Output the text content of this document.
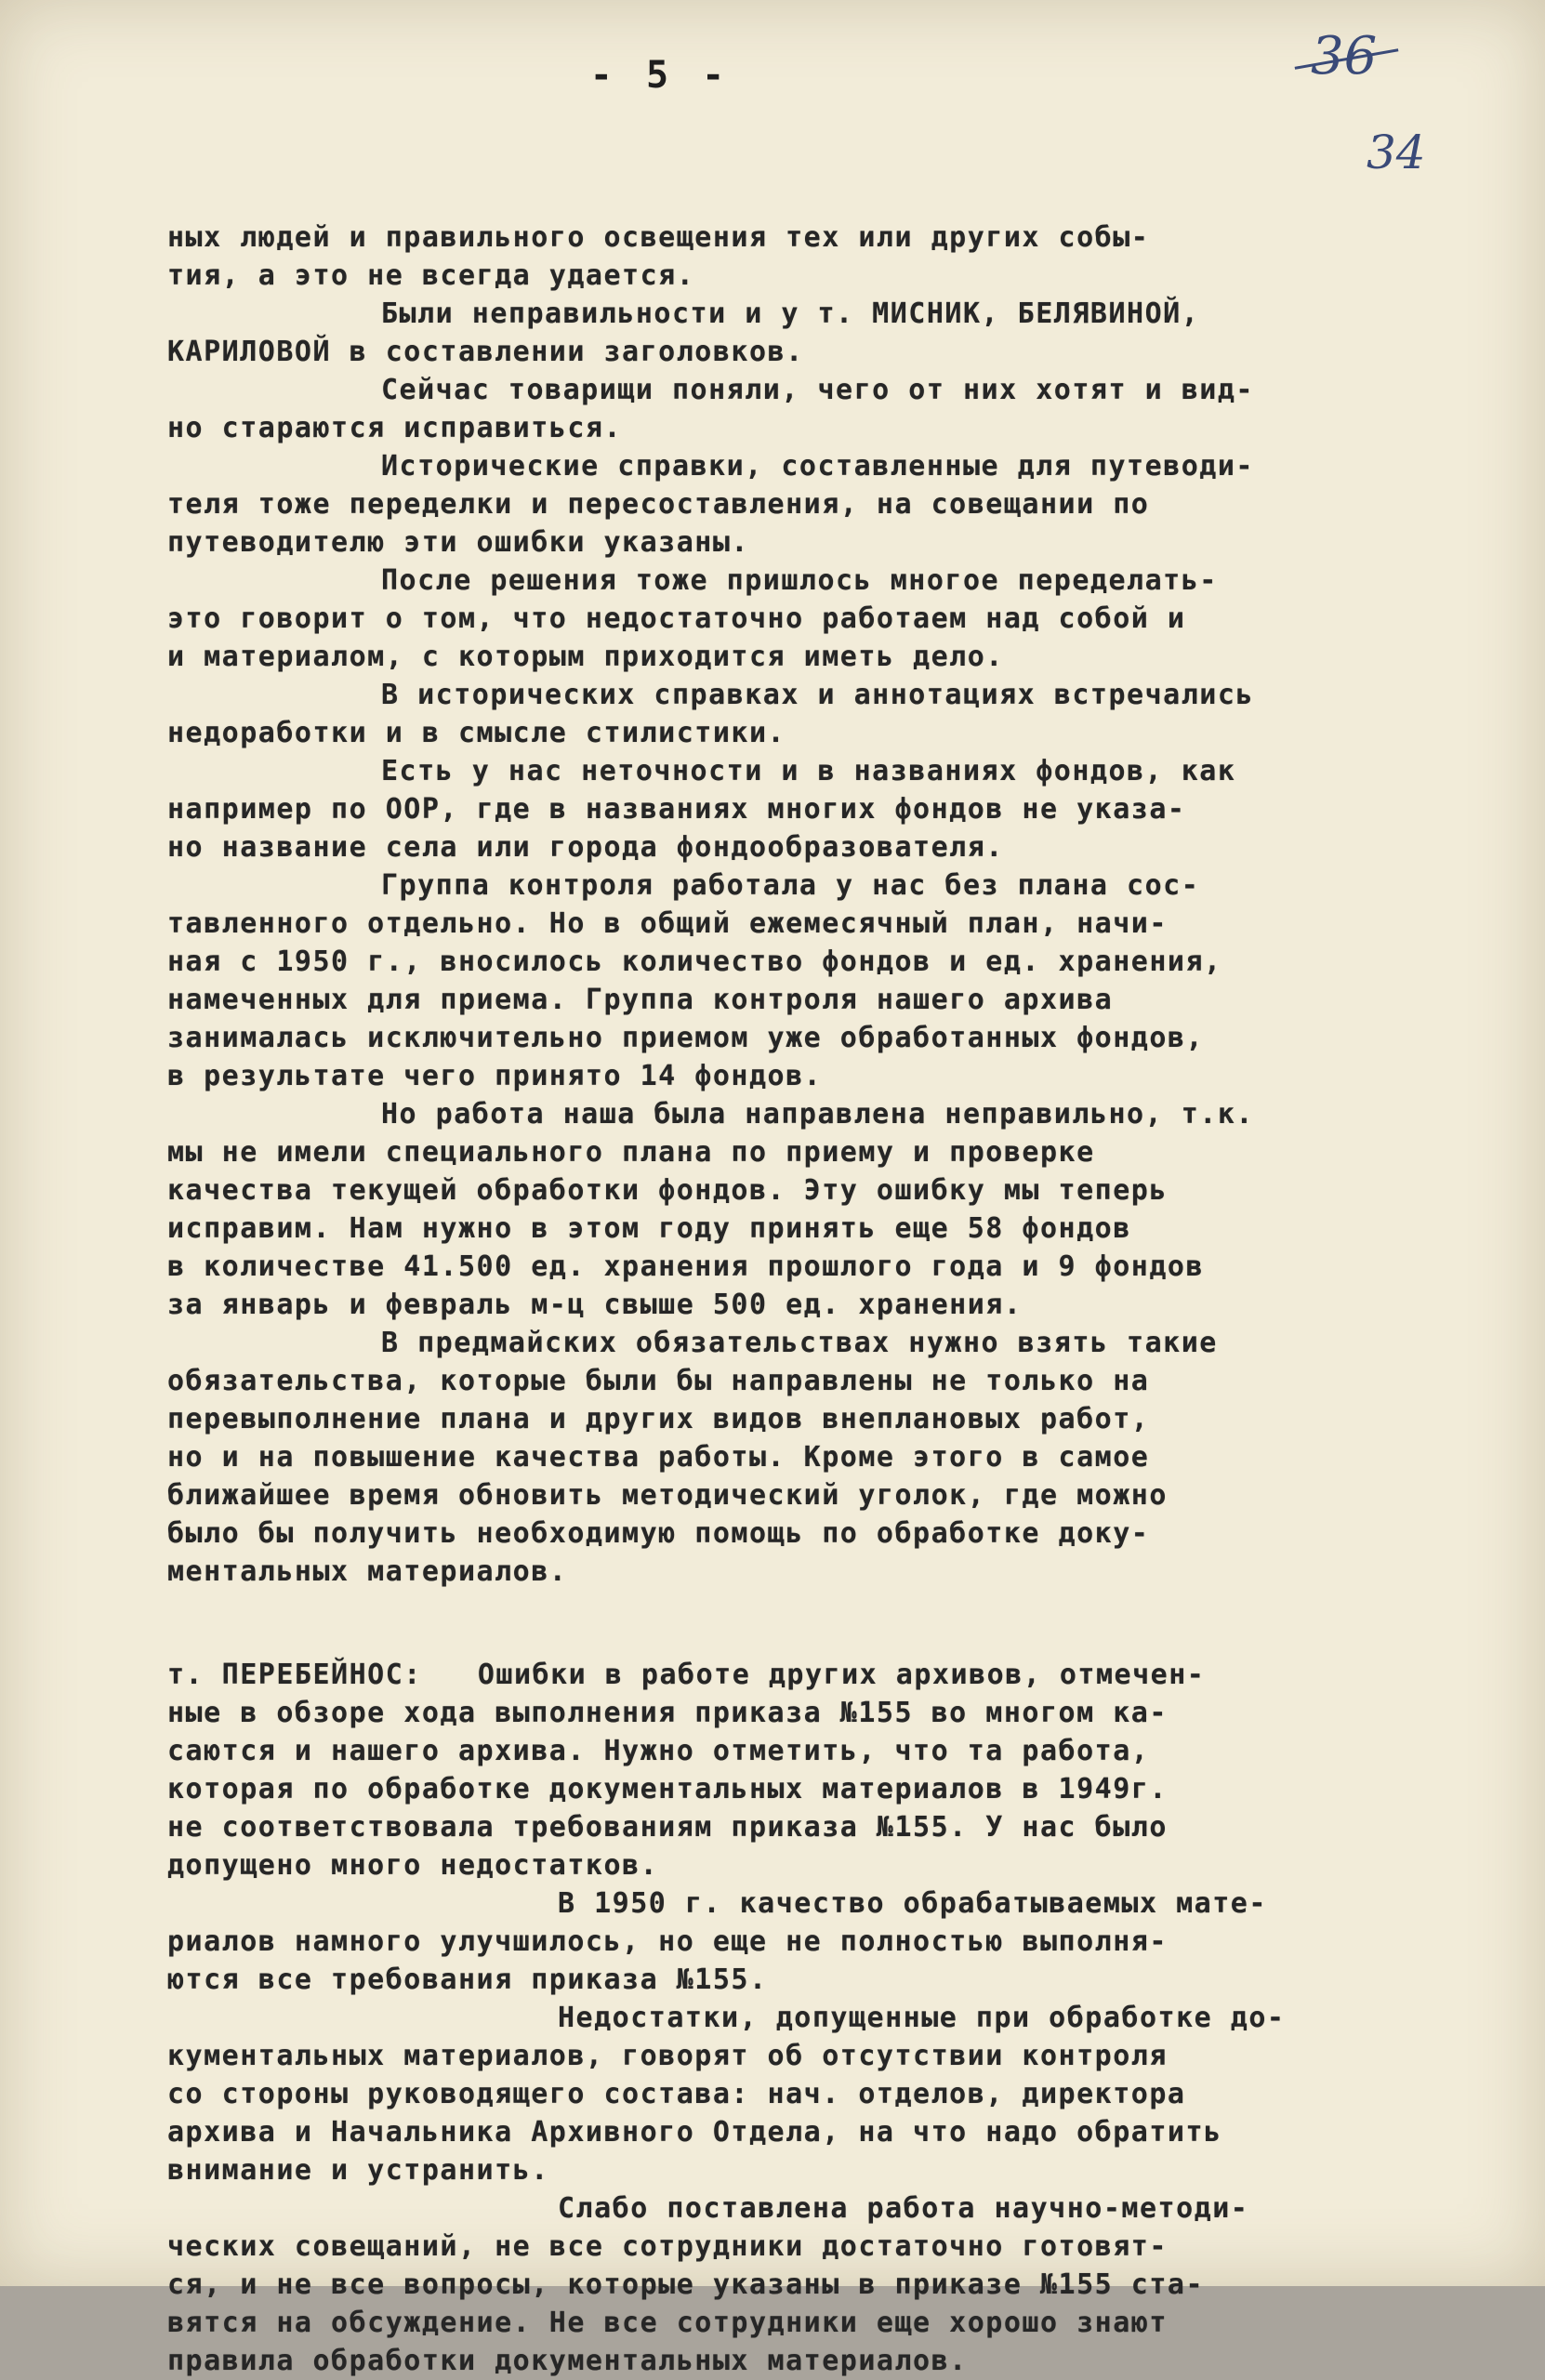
- 5 -	36
34
ных людей и правильного освещения тех или других собы-
тия, а это не всегда удается.
Были неправильности и у т. МИСНИК, БЕЛЯВИНОЙ,
КАРИЛОВОЙ в составлении заголовков.
Сейчас товарищи поняли, чего от них хотят и вид-
но стараются исправиться.
Исторические справки, составленные для путеводи-
теля тоже переделки и пересоставления, на совещании по
путеводителю эти ошибки указаны.
После решения тоже пришлось многое переделать-
это говорит о том, что недостаточно работаем над собой и
и материалом, с которым приходится иметь дело.
В исторических справках и аннотациях встречались
недоработки и в смысле стилистики.
Есть у нас неточности и в названиях фондов, как
например по ООР, где в названиях многих фондов не указа-
но название села или города фондообразователя.
Группа контроля работала у нас без плана сос-
тавленного отдельно. Но в общий ежемесячный план, начи-
ная с 1950 г., вносилось количество фондов и ед. хранения,
намеченных для приема. Группа контроля нашего архива
занималась исключительно приемом уже обработанных фондов,
в результате чего принято 14 фондов.
Но работа наша была направлена неправильно, т.к.
мы не имели специального плана по приему и проверке
качества текущей обработки фондов. Эту ошибку мы теперь
исправим. Нам нужно в этом году принять еще 58 фондов
в количестве 41.500 ед. хранения прошлого года и 9 фондов
за январь и февраль м-ц свыше 500 ед. хранения.
В предмайских обязательствах нужно взять такие
обязательства, которые были бы направлены не только на
перевыполнение плана и других видов внеплановых работ,
но и на повышение качества работы. Кроме этого в самое
ближайшее время обновить методический уголок, где можно
было бы получить необходимую помощь по обработке доку-
ментальных материалов.
т. ПЕРЕБЕЙНОС: Ошибки в работе других архивов, отмечен-
ные в обзоре хода выполнения приказа №155 во многом ка-
саются и нашего архива. Нужно отметить, что та работа,
которая по обработке документальных материалов в 1949г.
не соответствовала требованиям приказа №155. У нас было
допущено много недостатков.
В 1950 г. качество обрабатываемых мате-
риалов намного улучшилось, но еще не полностью выполня-
ются все требования приказа №155.
Недостатки, допущенные при обработке до-
кументальных материалов, говорят об отсутствии контроля
со стороны руководящего состава: нач. отделов, директора
архива и Начальника Архивного Отдела, на что надо обратить
внимание и устранить.
Слабо поставлена работа научно-методи-
ческих совещаний, не все сотрудники достаточно готовят-
ся, и не все вопросы, которые указаны в приказе №155 ста-
вятся на обсуждение. Не все сотрудники еще хорошо знают
правила обработки документальных материалов.
